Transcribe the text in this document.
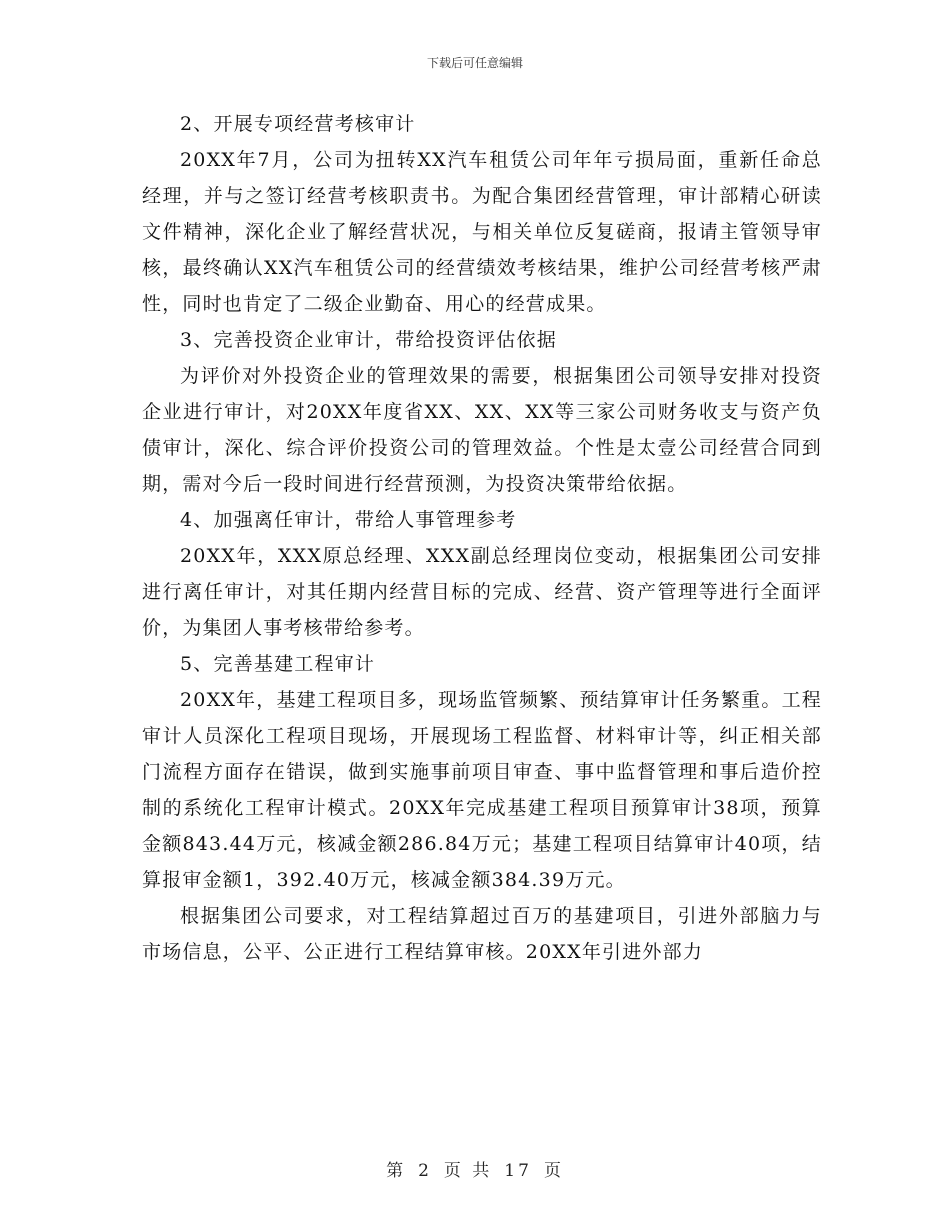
下载后可任意编辑

2、开展专项经营考核审计

20XX年7月，公司为扭转XX汽车租赁公司年年亏损局面，重新任命总经理，并与之签订经营考核职责书。为配合集团经营管理，审计部精心研读文件精神，深化企业了解经营状况，与相关单位反复磋商，报请主管领导审核，最终确认XX汽车租赁公司的经营绩效考核结果，维护公司经营考核严肃性，同时也肯定了二级企业勤奋、用心的经营成果。

3、完善投资企业审计，带给投资评估依据

为评价对外投资企业的管理效果的需要，根据集团公司领导安排对投资企业进行审计，对20XX年度省XX、XX、XX等三家公司财务收支与资产负债审计，深化、综合评价投资公司的管理效益。个性是太壹公司经营合同到期，需对今后一段时间进行经营预测，为投资决策带给依据。

4、加强离任审计，带给人事管理参考

20XX年，XXX原总经理、XXX副总经理岗位变动，根据集团公司安排进行离任审计，对其任期内经营目标的完成、经营、资产管理等进行全面评价，为集团人事考核带给参考。

5、完善基建工程审计

20XX年，基建工程项目多，现场监管频繁、预结算审计任务繁重。工程审计人员深化工程项目现场，开展现场工程监督、材料审计等，纠正相关部门流程方面存在错误，做到实施事前项目审查、事中监督管理和事后造价控制的系统化工程审计模式。20XX年完成基建工程项目预算审计38项，预算金额843.44万元，核减金额286.84万元；基建工程项目结算审计40项，结算报审金额1，392.40万元，核减金额384.39万元。

根据集团公司要求，对工程结算超过百万的基建项目，引进外部脑力与市场信息，公平、公正进行工程结算审核。20XX年引进外部力

第 2 页 共 17 页
